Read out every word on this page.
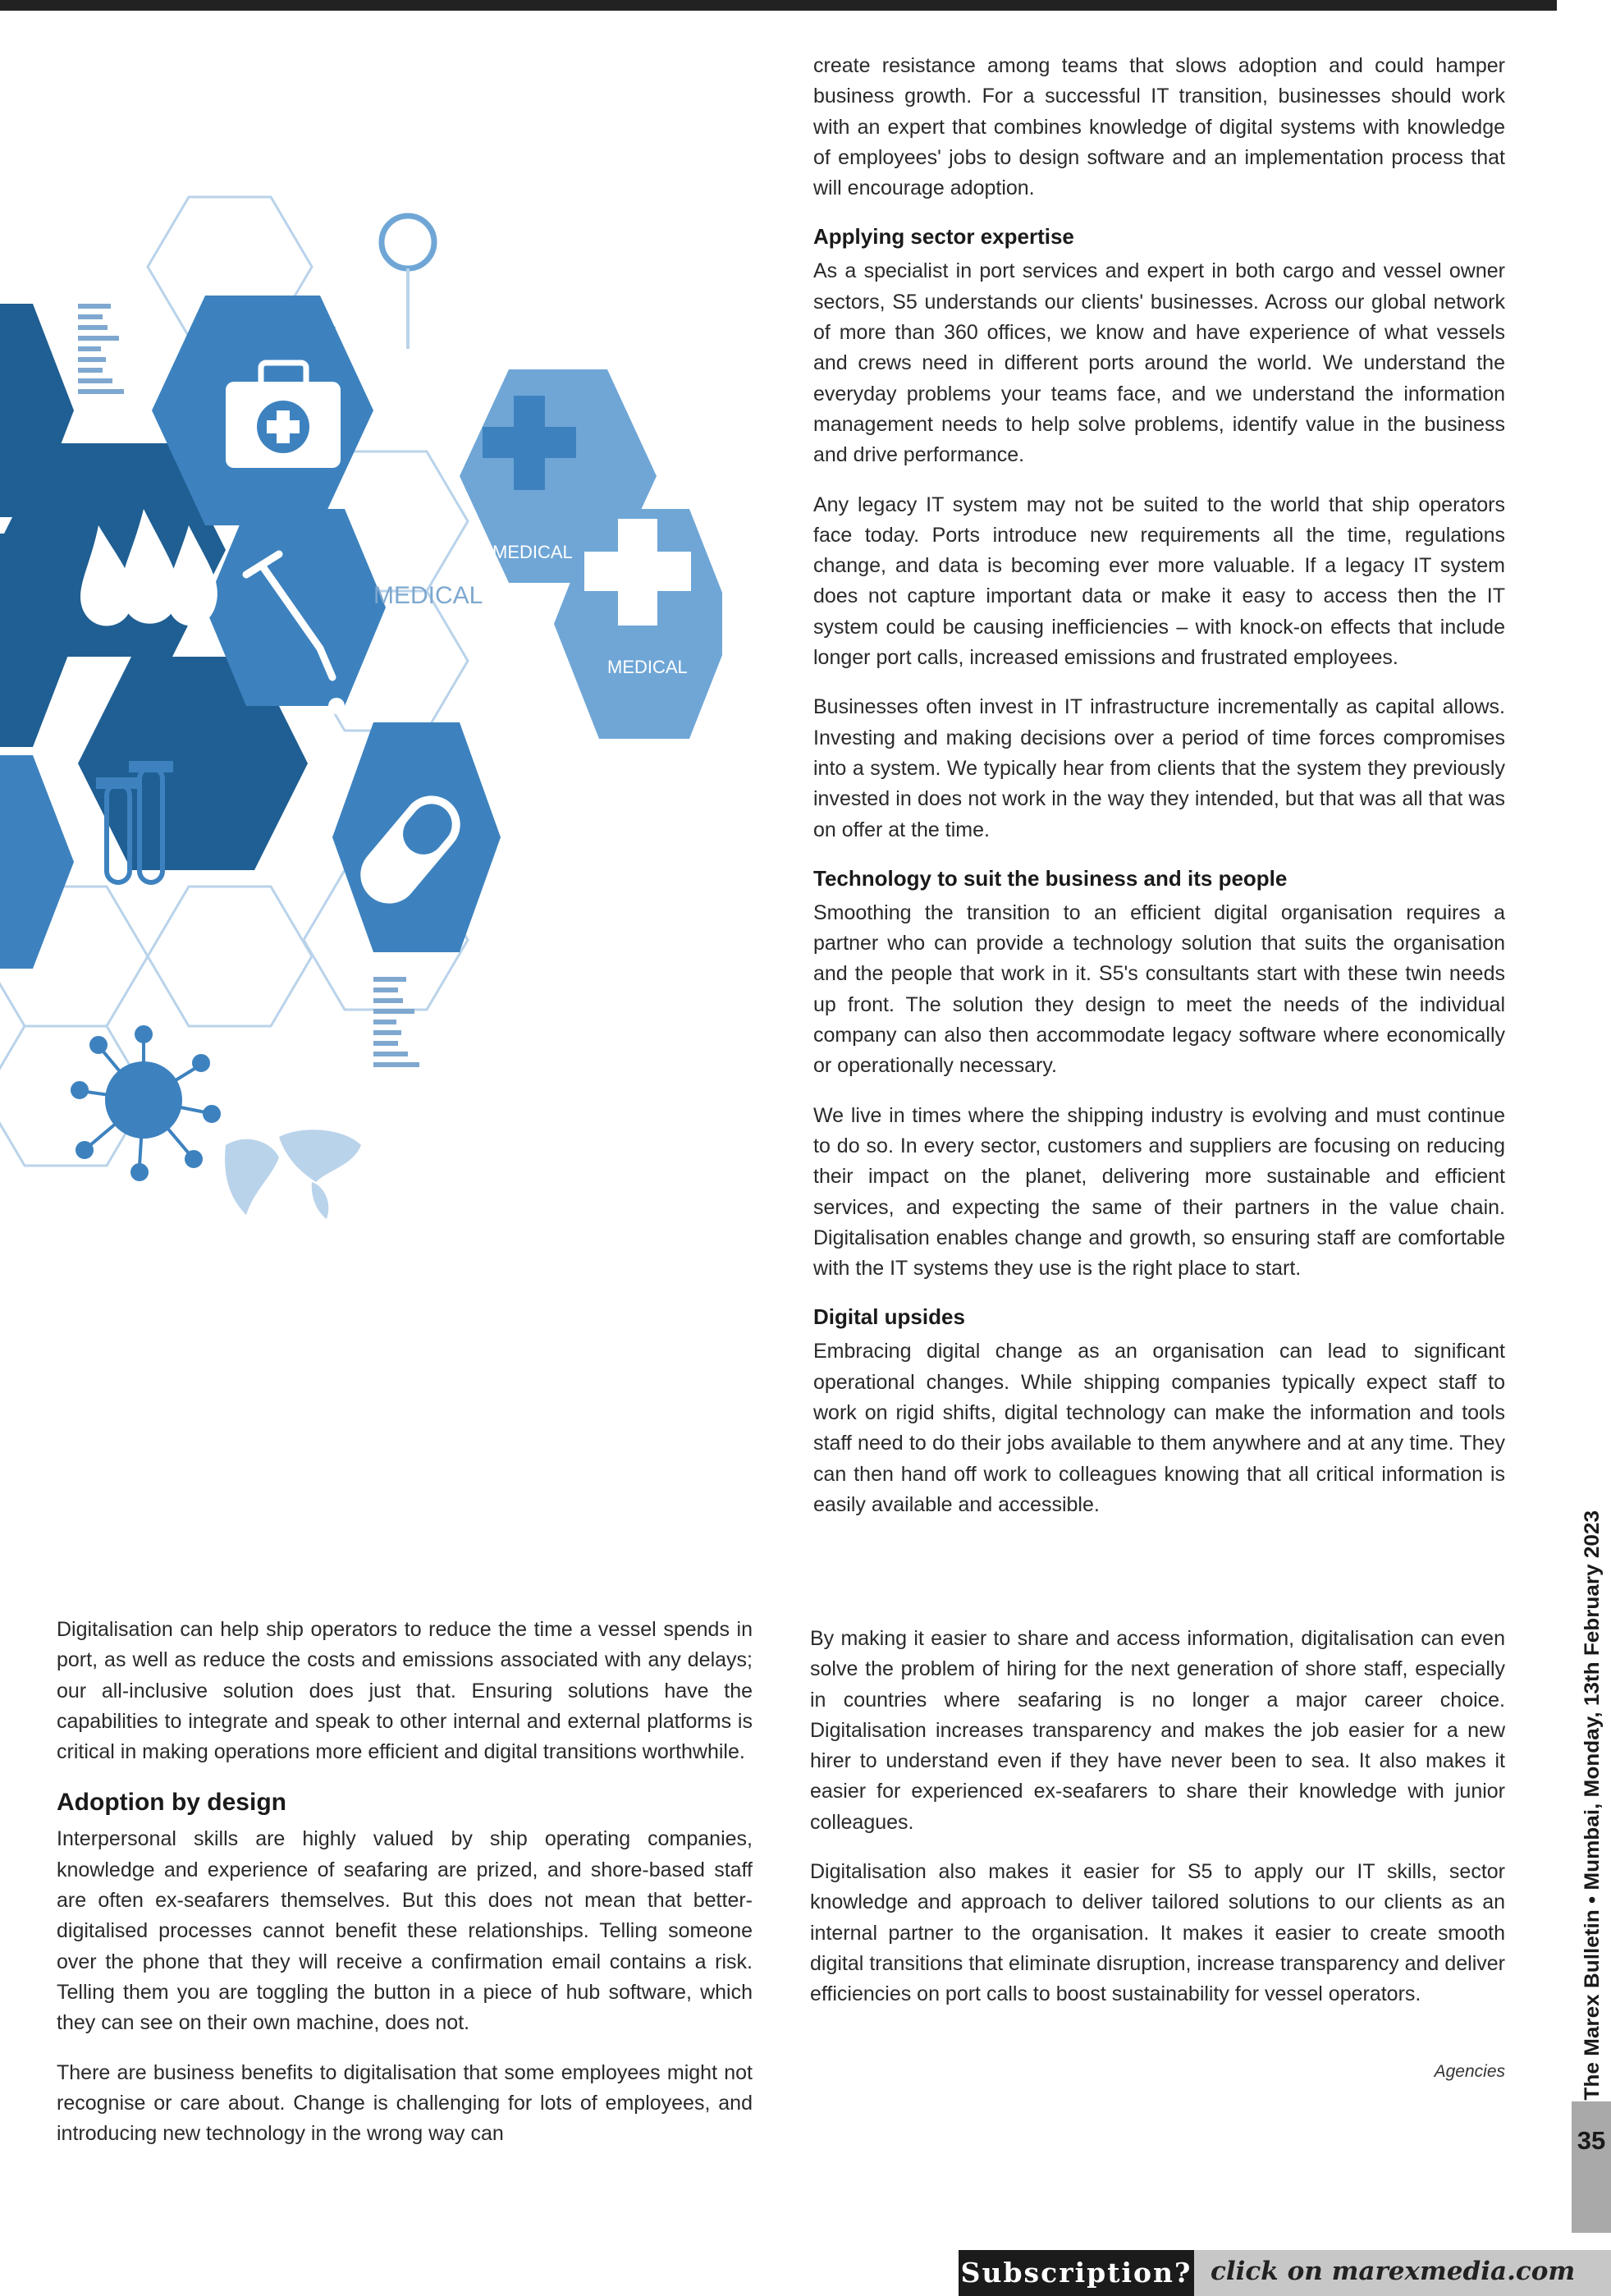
MEDICAL
MEDICAL
MEDICAL
MEDICAL

create resistance among teams that slows adoption and could hamper business growth. For a successful IT transition, businesses should work with an expert that combines knowledge of digital systems with knowledge of employees' jobs to design software and an implementation process that will encourage adoption.

Applying sector expertise

As a specialist in port services and expert in both cargo and vessel owner sectors, S5 understands our clients' businesses. Across our global network of more than 360 offices, we know and have experience of what vessels and crews need in different ports around the world. We understand the everyday problems your teams face, and we understand the information management needs to help solve problems, identify value in the business and drive performance.

Any legacy IT system may not be suited to the world that ship operators face today. Ports introduce new requirements all the time, regulations change, and data is becoming ever more valuable. If a legacy IT system does not capture important data or make it easy to access then the IT system could be causing inefficiencies – with knock-on effects that include longer port calls, increased emissions and frustrated employees.

Businesses often invest in IT infrastructure incrementally as capital allows. Investing and making decisions over a period of time forces compromises into a system. We typically hear from clients that the system they previously invested in does not work in the way they intended, but that was all that was on offer at the time.

Technology to suit the business and its people

Smoothing the transition to an efficient digital organisation requires a partner who can provide a technology solution that suits the organisation and the people that work in it. S5's consultants start with these twin needs up front. The solution they design to meet the needs of the individual company can also then accommodate legacy software where economically or operationally necessary.

We live in times where the shipping industry is evolving and must continue to do so. In every sector, customers and suppliers are focusing on reducing their impact on the planet, delivering more sustainable and efficient services, and expecting the same of their partners in the value chain. Digitalisation enables change and growth, so ensuring staff are comfortable with the IT systems they use is the right place to start.

Digital upsides

Embracing digital change as an organisation can lead to significant operational changes. While shipping companies typically expect staff to work on rigid shifts, digital technology can make the information and tools staff need to do their jobs available to them anywhere and at any time. They can then hand off work to colleagues knowing that all critical information is easily available and accessible.

By making it easier to share and access information, digitalisation can even solve the problem of hiring for the next generation of shore staff, especially in countries where seafaring is no longer a major career choice. Digitalisation increases transparency and makes the job easier for a new hirer to understand even if they have never been to sea. It also makes it easier for experienced ex-seafarers to share their knowledge with junior colleagues.

Digitalisation also makes it easier for S5 to apply our IT skills, sector knowledge and approach to deliver tailored solutions to our clients as an internal partner to the organisation. It makes it easier to create smooth digital transitions that eliminate disruption, increase transparency and deliver efficiencies on port calls to boost sustainability for vessel operators.

Agencies

Digitalisation can help ship operators to reduce the time a vessel spends in port, as well as reduce the costs and emissions associated with any delays; our all-inclusive solution does just that. Ensuring solutions have the capabilities to integrate and speak to other internal and external platforms is critical in making operations more efficient and digital transitions worthwhile.

Adoption by design

Interpersonal skills are highly valued by ship operating companies, knowledge and experience of seafaring are prized, and shore-based staff are often ex-seafarers themselves. But this does not mean that better-digitalised processes cannot benefit these relationships. Telling someone over the phone that they will receive a confirmation email contains a risk. Telling them you are toggling the button in a piece of hub software, which they can see on their own machine, does not.

There are business benefits to digitalisation that some employees might not recognise or care about. Change is challenging for lots of employees, and introducing new technology in the wrong way can

• The Marex Bulletin • Mumbai, Monday, 13th February 2023
35
Subscription? click on marexmedia.com
